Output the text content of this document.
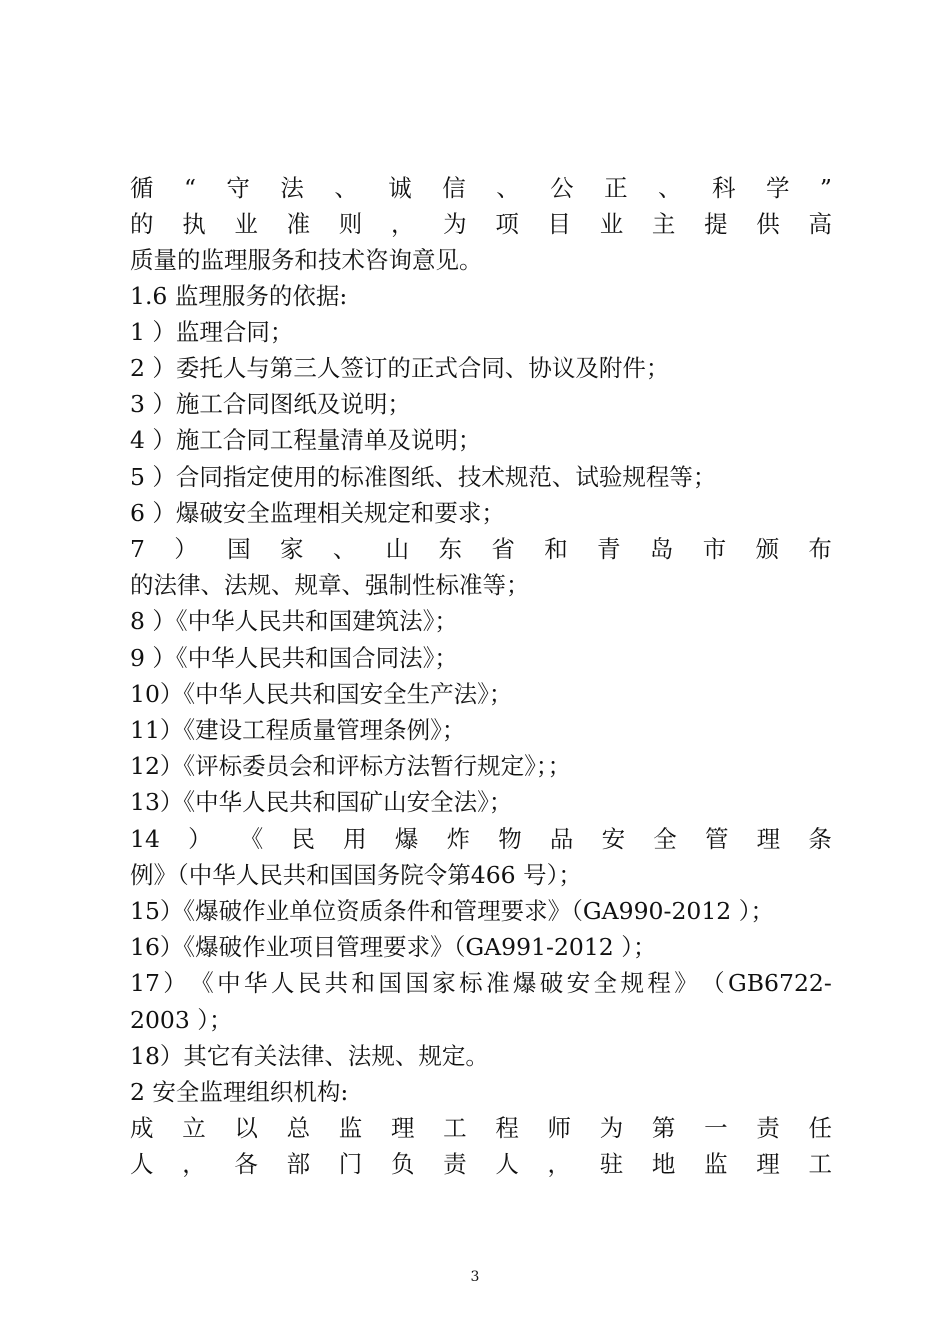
循 “ 守 法 、 诚 信 、 公 正 、 科 学 ”
的 执 业 准 则 ， 为 项 目 业 主 提 供 高
质量的监理服务和技术咨询意见。
1.6 监理服务的依据:
1 ）监理合同；
2 ）委托人与第三人签订的正式合同、协议及附件；
3 ）施工合同图纸及说明；
4 ）施工合同工程量清单及说明；
5 ）合同指定使用的标准图纸、技术规范、试验规程等；
6 ）爆破安全监理相关规定和要求；
7 ） 国 家 、 山 东 省 和 青 岛 市 颁 布
的法律、法规、规章、强制性标准等；
8 ）《中华人民共和国建筑法》；
9 ）《中华人民共和国合同法》；
10）《中华人民共和国安全生产法》；
11）《建设工程质量管理条例》；
12）《评标委员会和评标方法暂行规定》；；
13）《中华人民共和国矿山安全法》；
14 ） 《 民 用 爆 炸 物 品 安 全 管 理 条
例》（中华人民共和国国务院令第466 号）；
15）《爆破作业单位资质条件和管理要求》（GA990-2012 ）；
16）《爆破作业项目管理要求》（GA991-2012 ）；
17 ） 《 中 华 人 民 共 和 国 国 家 标 准 爆 破 安 全 规 程 》 （ GB6722-
2003 ）；
18）其它有关法律、法规、规定。
2 安全监理组织机构:
成 立 以 总 监 理 工 程 师 为 第 一 责 任
人 ， 各 部 门 负 责 人 ， 驻 地 监 理 工
3
